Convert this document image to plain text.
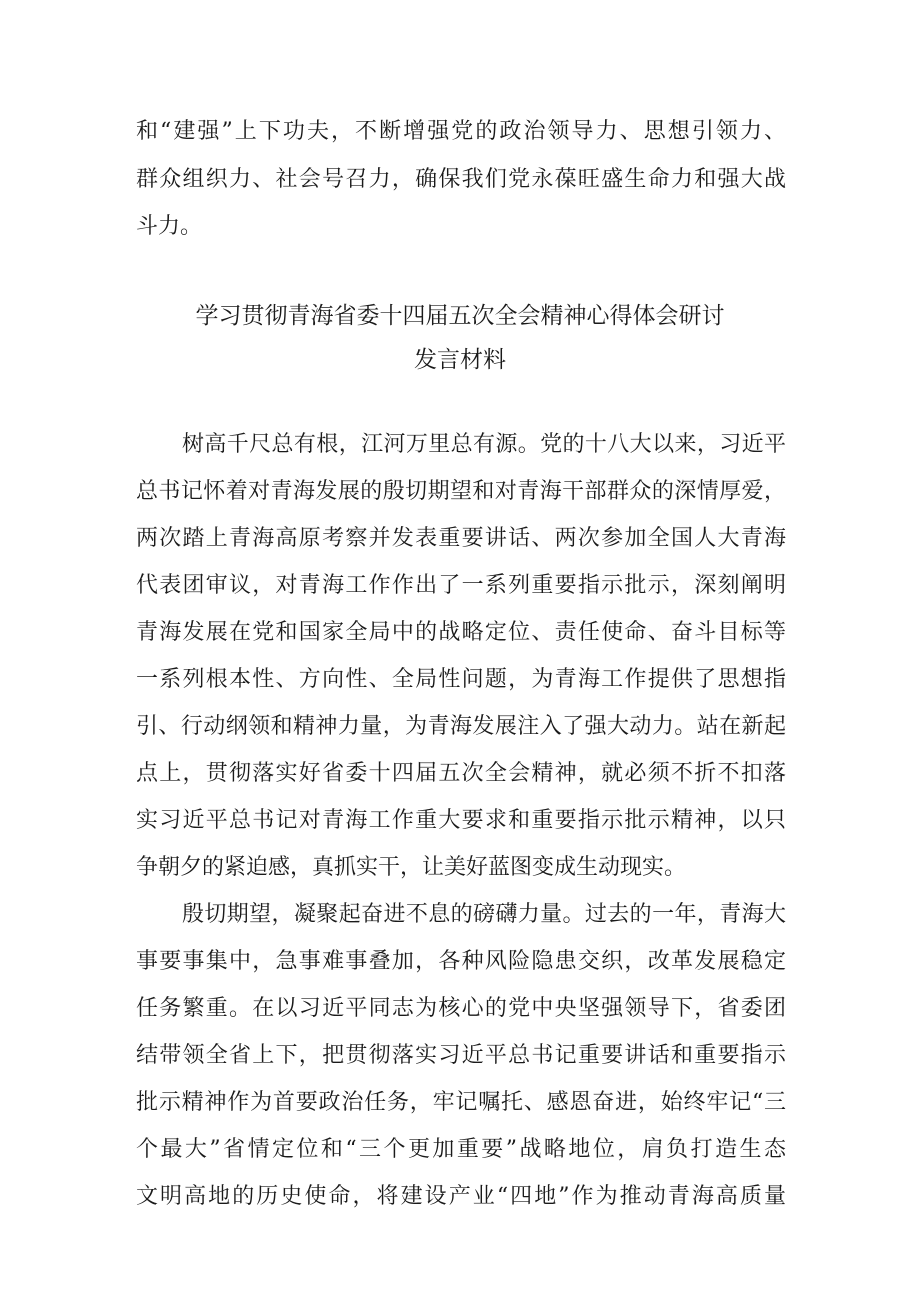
和“建强”上下功夫，不断增强党的政治领导力、思想引领力、
群众组织力、社会号召力，确保我们党永葆旺盛生命力和强大战
斗力。
学习贯彻青海省委十四届五次全会精神心得体会研讨
发言材料
树高千尺总有根，江河万里总有源。党的十八大以来，习近平
总书记怀着对青海发展的殷切期望和对青海干部群众的深情厚爱，
两次踏上青海高原考察并发表重要讲话、两次参加全国人大青海
代表团审议，对青海工作作出了一系列重要指示批示，深刻阐明
青海发展在党和国家全局中的战略定位、责任使命、奋斗目标等
一系列根本性、方向性、全局性问题，为青海工作提供了思想指
引、行动纲领和精神力量，为青海发展注入了强大动力。站在新起
点上，贯彻落实好省委十四届五次全会精神，就必须不折不扣落
实习近平总书记对青海工作重大要求和重要指示批示精神，以只
争朝夕的紧迫感，真抓实干，让美好蓝图变成生动现实。
殷切期望，凝聚起奋进不息的磅礴力量。过去的一年，青海大
事要事集中，急事难事叠加，各种风险隐患交织，改革发展稳定
任务繁重。在以习近平同志为核心的党中央坚强领导下，省委团
结带领全省上下，把贯彻落实习近平总书记重要讲话和重要指示
批示精神作为首要政治任务，牢记嘱托、感恩奋进，始终牢记“三
个最大”省情定位和“三个更加重要”战略地位，肩负打造生态
文明高地的历史使命，将建设产业“四地”作为推动青海高质量
